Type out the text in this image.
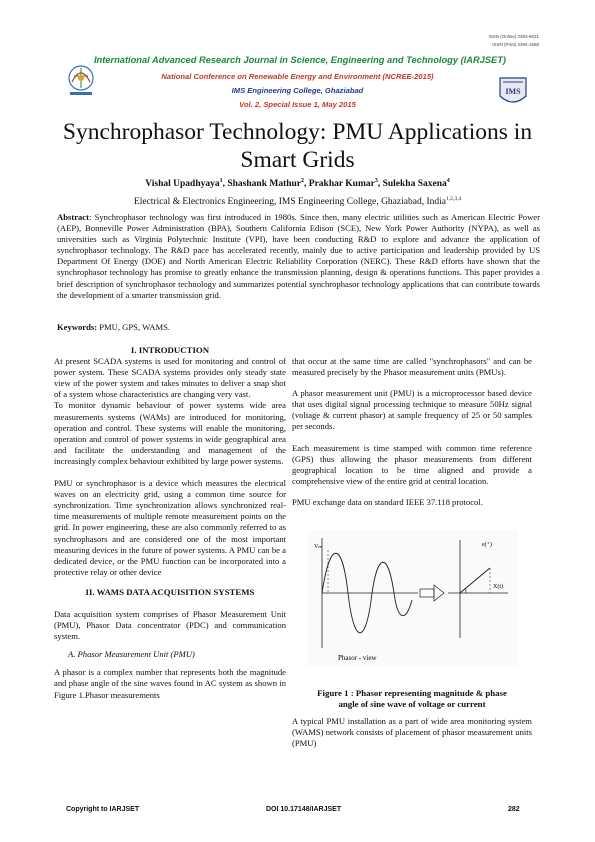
ISSN (Online) 2393-8021
ISSN (Print) 2394-1588
International Advanced Research Journal in Science, Engineering and Technology (IARJSET)
National Conference on Renewable Energy and Environment (NCREE-2015)
IMS Engineering College, Ghaziabad
Vol. 2, Special Issue 1, May 2015
IMS
Synchrophasor Technology: PMU Applications in
Smart Grids
Vishal Upadhyaya$^1$, Shashank Mathur$^2$, Prakhar Kumar$^3$, Sulekha Saxena$^4$
Electrical & Electronics Engineering, IMS Engineering College, Ghaziabad, India$^{1,2,3,4}$
Abstract: Synchrophasor technology was first introduced in 1980s. Since then, many electric utilities such as American Electric Power (AEP), Bonneville Power Administration (BPA), Southern California Edison (SCE), New York Power Authority (NYPA), as well as universities such as Virginia Polytechnic Institute (VPI), have been conducting R&D to explore and advance the application of synchrophasor technology. The R&D pace has accelerated recently, mainly due to active participation and leadership provided by US Department Of Energy (DOE) and North American Electric Reliability Corporation (NERC). These R&D efforts have shown that the synchrophasor technology has promise to greatly enhance the transmission planning, design & operations functions. This paper provides a brief description of synchrophasor technology and summarizes potential synchrophasor technology applications that can contribute towards the development of a smarter transmission grid.
Keywords: PMU, GPS, WAMS.
I. INTRODUCTION

At present SCADA systems is used for monitoring and control of power system. These SCADA systems provides only steady state view of the power system and takes minutes to deliver a snap shot of a system whose characteristics are changing very vast.

To monitor dynamic behaviour of power systems wide area measurements systems (WAMs) are introduced for monitoring, operation and control. These systems will enable the monitoring, operation and control of power systems in wide geographical area and facilitate the understanding and management of the increasingly complex behaviour exhibited by large power systems.

PMU or synchrophasor is a device which measures the electrical waves on an electricity grid, using a common time source for synchronization. Time synchronization allows synchronized real-time measurements of multiple remote measurement points on the grid. In power engineering, these are also commonly referred to as synchrophasors and are considered one of the most important measuring devices in the future of power systems. A PMU can be a dedicated device, or the PMU function can be incorporated into a protective relay or other device

II. WAMS DATA ACQUISITION SYSTEMS

Data acquisition system comprises of Phasor Measurement Unit (PMU), Phasor Data concentrator (PDC) and communication system.

A. Phasor Measurement Unit (PMU)

A phasor is a complex number that represents both the magnitude and phase angle of the sine waves found in AC system as shown in Figure 1.Phasor measurements

that occur at the same time are called "synchrophasors" and can be measured precisely by the Phasor measurement units (PMUs).

A phasor measurement unit (PMU) is a microprocessor based device that uses digital signal processing technique to measure 50Hz signal (voltage & current phasor) at sample frequency of 25 or 50 samples per seconds.

Each measurement is time stamped with common time reference (GPS) thus allowing the phasor measurements from different geographical location to be time aligned and provide a comprehensive view of the entire grid at central location.

PMU exchange data on standard IEEE 37.118 protocol.

Vₘ	e(⁺)
X(t)
Phasor - view
Figure 1 : Phasor representing magnitude & phase
angle of sine wave of voltage or current

A typical PMU installation as a part of wide area monitoring system (WAMS) network consists of placement of phasor measurement units (PMU)

Copyright to IARJSET	DOI 10.17148/IARJSET	282
